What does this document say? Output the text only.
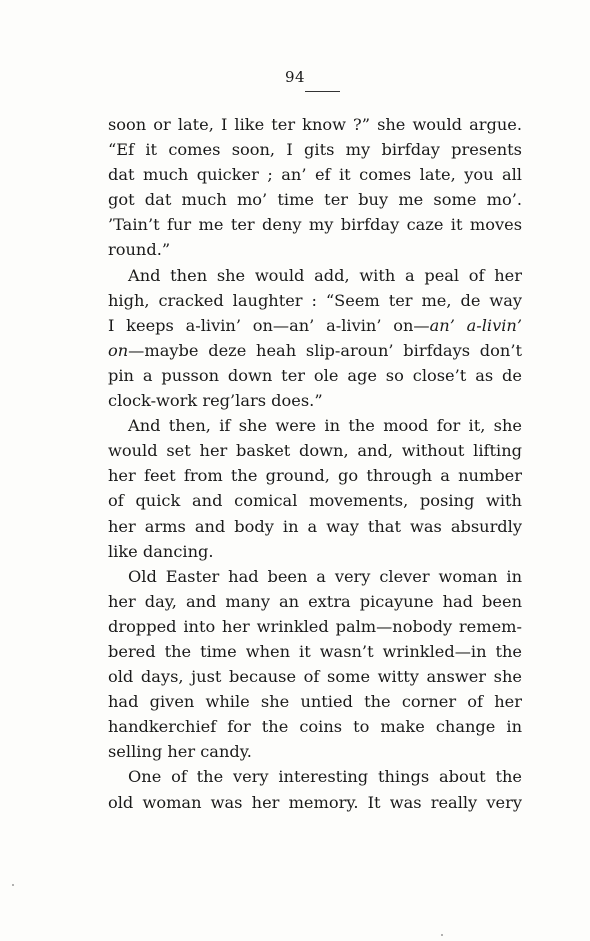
94
soon or late, I like ter know ?” she would argue.
“Ef it comes soon, I gits my birfday presents
dat much quicker ; an’ ef it comes late, you all
got dat much mo’ time ter buy me some mo’.
’Tain’t fur me ter deny my birfday caze it moves
round.”
And then she would add, with a peal of her
high, cracked laughter : “Seem ter me, de way
I keeps a-livin’ on—an’ a-livin’ on—an’ a-livin’
on—maybe deze heah slip-aroun’ birfdays don’t
pin a pusson down ter ole age so close’t as de
clock-work reg’lars does.”
And then, if she were in the mood for it, she
would set her basket down, and, without lifting
her feet from the ground, go through a number
of quick and comical movements, posing with
her arms and body in a way that was absurdly
like dancing.
Old Easter had been a very clever woman in
her day, and many an extra picayune had been
dropped into her wrinkled palm—nobody remem-
bered the time when it wasn’t wrinkled—in the
old days, just because of some witty answer she
had given while she untied the corner of her
handkerchief for the coins to make change in
selling her candy.
One of the very interesting things about the
old woman was her memory. It was really very
